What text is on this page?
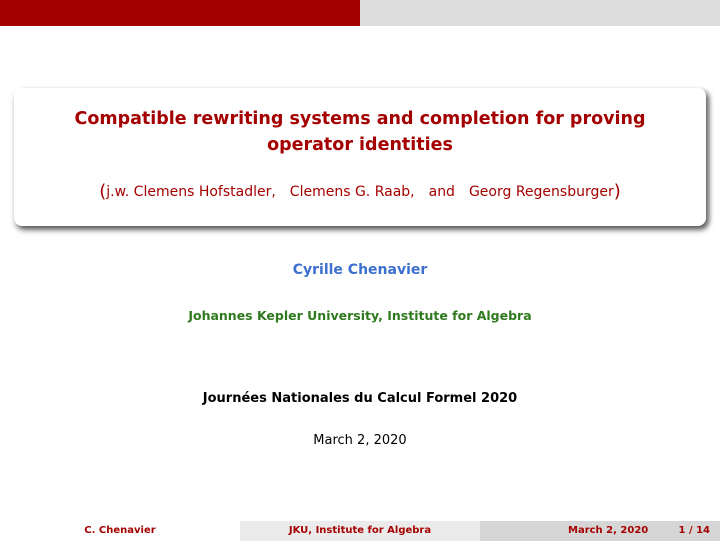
Compatible rewriting systems and completion for proving
operator identities
(j.w. Clemens Hofstadler, Clemens G. Raab, and Georg Regensburger)
Cyrille Chenavier
Johannes Kepler University, Institute for Algebra
Journées Nationales du Calcul Formel 2020
March 2, 2020
C. Chenavier	JKU, Institute for Algebra	March 2, 2020	1 / 14
